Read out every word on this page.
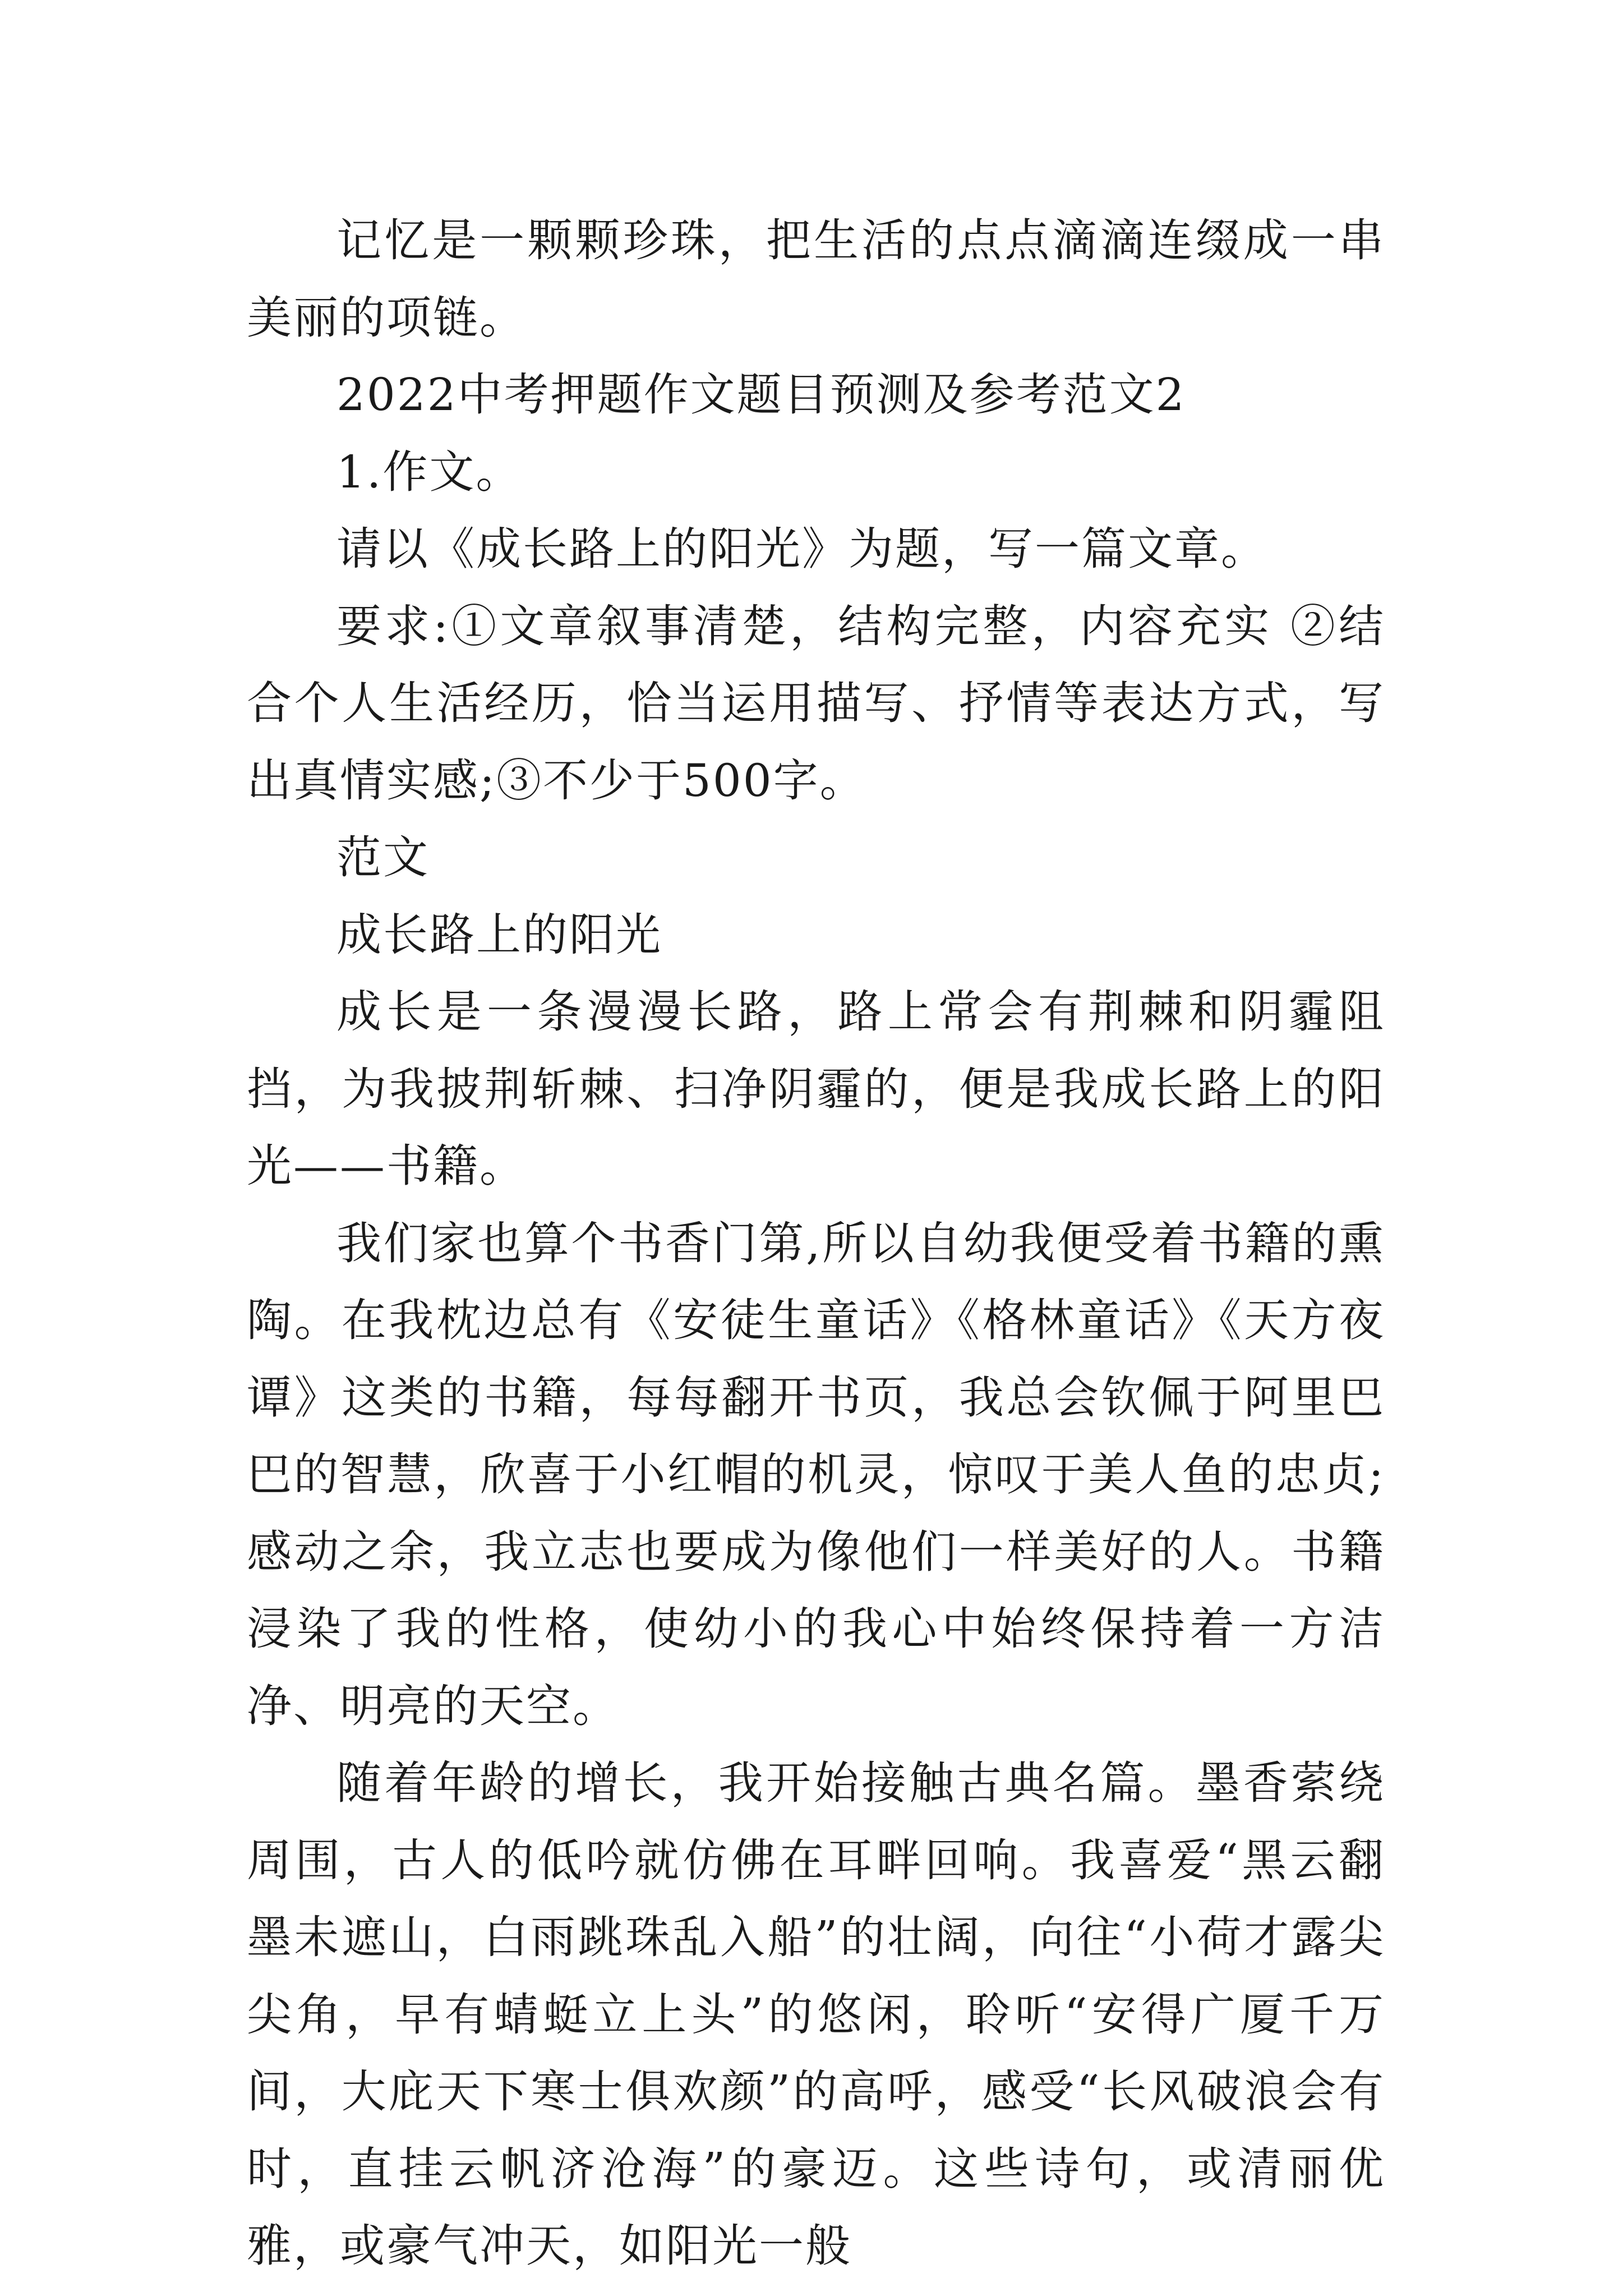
记忆是一颗颗珍珠，把生活的点点滴滴连缀成一串美丽的项链。

2022中考押题作文题目预测及参考范文2

1.作文。

请以《成长路上的阳光》为题，写一篇文章。

要求:①文章叙事清楚，结构完整，内容充实 ②结合个人生活经历，恰当运用描写、抒情等表达方式，写出真情实感;③不少于500字。

范文

成长路上的阳光

成长是一条漫漫长路，路上常会有荆棘和阴霾阻挡，为我披荆斩棘、扫净阴霾的，便是我成长路上的阳光——书籍。

我们家也算个书香门第,所以自幼我便受着书籍的熏陶。在我枕边总有《安徒生童话》《格林童话》《天方夜谭》这类的书籍，每每翻开书页，我总会钦佩于阿里巴巴的智慧，欣喜于小红帽的机灵，惊叹于美人鱼的忠贞;感动之余，我立志也要成为像他们一样美好的人。书籍浸染了我的性格，使幼小的我心中始终保持着一方洁净、明亮的天空。

随着年龄的增长，我开始接触古典名篇。墨香萦绕周围，古人的低吟就仿佛在耳畔回响。我喜爱“黑云翻墨未遮山，白雨跳珠乱入船”的壮阔，向往“小荷才露尖尖角，早有蜻蜓立上头”的悠闲，聆听“安得广厦千万间，大庇天下寒士俱欢颜”的高呼，感受“长风破浪会有时，直挂云帆济沧海”的豪迈。这些诗句，或清丽优雅，或豪气冲天，如阳光一般
